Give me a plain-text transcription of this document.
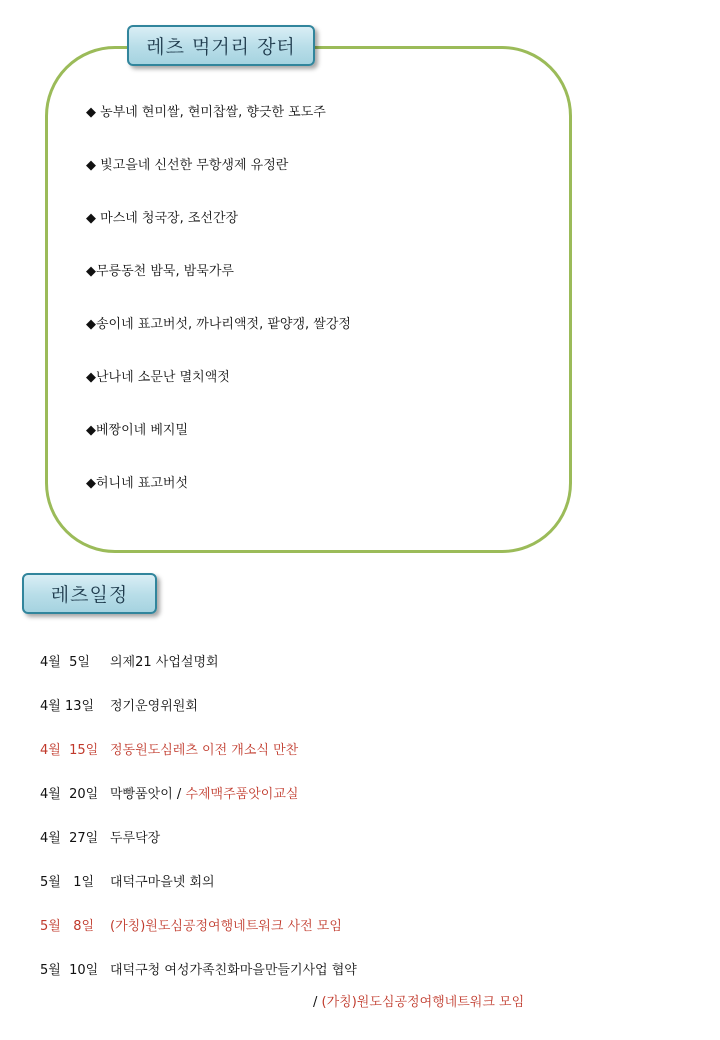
레츠 먹거리 장터
◆ 농부네 현미쌀, 현미찹쌀, 향긋한 포도주
◆ 빛고을네 신선한 무항생제 유정란
◆ 마스네 청국장, 조선간장
◆무릉동천 밤묵, 밤묵가루
◆송이네 표고버섯, 까나리액젓, 팥양갱, 쌀강정
◆난나네 소문난 멸치액젓
◆베짱이네 베지밀
◆허니네 표고버섯
레츠일정
4월  5일 의제21 사업설명회
4월 13일 정기운영위원회
4월  15일 정동원도심레츠 이전 개소식 만찬
4월  20일 막빵품앗이 / 수제맥주품앗이교실
4월  27일 두루닥장
5월   1일 대덕구마을넷 회의
5월   8일 (가칭)원도심공정여행네트워크 사전 모임
5월  10일 대덕구청 여성가족친화마을만들기사업 협약
/ (가칭)원도심공정여행네트워크 모임
